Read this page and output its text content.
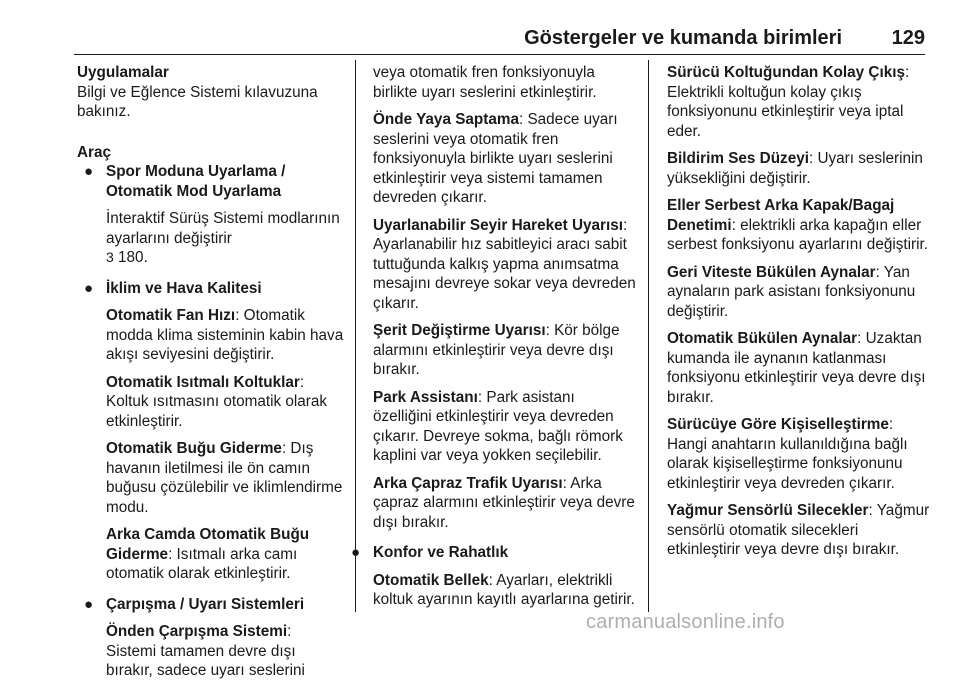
Göstergeler ve kumanda birimleri 129
Uygulamalar

Bilgi ve Eğlence Sistemi kılavuzuna bakınız.

Araç
● Spor Moduna Uyarlama / Otomatik Mod Uyarlama
İnteraktif Sürüş Sistemi modlarının ayarlarını değiştirir
3 180.
● İklim ve Hava Kalitesi
Otomatik Fan Hızı: Otomatik modda klima sisteminin kabin hava akışı seviyesini değiştirir.
Otomatik Isıtmalı Koltuklar: Koltuk ısıtmasını otomatik olarak etkinleştirir.
Otomatik Buğu Giderme: Dış havanın iletilmesi ile ön camın buğusu çözülebilir ve iklimlendirme modu.
Arka Camda Otomatik Buğu Giderme: Isıtmalı arka camı otomatik olarak etkinleştirir.
● Çarpışma / Uyarı Sistemleri
Önden Çarpışma Sistemi: Sistemi tamamen devre dışı bırakır, sadece uyarı seslerini
veya otomatik fren fonksiyonuyla birlikte uyarı seslerini etkinleştirir.
Önde Yaya Saptama: Sadece uyarı seslerini veya otomatik fren fonksiyonuyla birlikte uyarı seslerini etkinleştirir veya sistemi tamamen devreden çıkarır.
Uyarlanabilir Seyir Hareket Uyarısı: Ayarlanabilir hız sabitleyici aracı sabit tuttuğunda kalkış yapma anımsatma mesajını devreye sokar veya devreden çıkarır.
Şerit Değiştirme Uyarısı: Kör bölge alarmını etkinleştirir veya devre dışı bırakır.
Park Assistanı: Park asistanı özelliğini etkinleştirir veya devreden çıkarır. Devreye sokma, bağlı römork kaplini var veya yokken seçilebilir.
Arka Çapraz Trafik Uyarısı: Arka çapraz alarmını etkinleştirir veya devre dışı bırakır.
● Konfor ve Rahatlık
Otomatik Bellek: Ayarları, elektrikli koltuk ayarının kayıtlı ayarlarına getirir.
Sürücü Koltuğundan Kolay Çıkış: Elektrikli koltuğun kolay çıkış fonksiyonunu etkinleştirir veya iptal eder.
Bildirim Ses Düzeyi: Uyarı seslerinin yüksekliğini değiştirir.
Eller Serbest Arka Kapak/Bagaj Denetimi: elektrikli arka kapağın eller serbest fonksiyonu ayarlarını değiştirir.
Geri Viteste Bükülen Aynalar: Yan aynaların park asistanı fonksiyonunu değiştirir.
Otomatik Bükülen Aynalar: Uzaktan kumanda ile aynanın katlanması fonksiyonu etkinleştirir veya devre dışı bırakır.
Sürücüye Göre Kişiselleştirme: Hangi anahtarın kullanıldığına bağlı olarak kişiselleştirme fonksiyonunu etkinleştirir veya devreden çıkarır.
Yağmur Sensörlü Silecekler: Yağmur sensörlü otomatik silecekleri etkinleştirir veya devre dışı bırakır.
carmanualsonline.info
